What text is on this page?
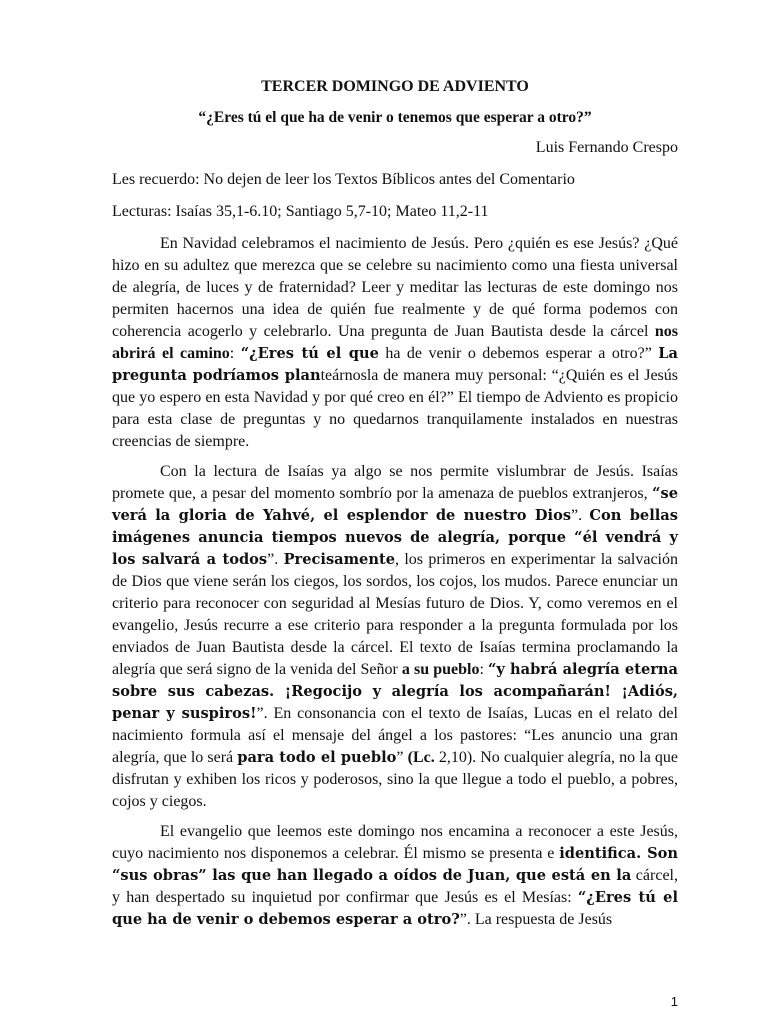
TERCER DOMINGO DE ADVIENTO

“¿Eres tú el que ha de venir o tenemos que esperar a otro?”

Luis Fernando Crespo

Les recuerdo: No dejen de leer los Textos Bíblicos antes del Comentario

Lecturas: Isaías 35,1-6.10; Santiago 5,7-10; Mateo 11,2-11

En Navidad celebramos el nacimiento de Jesús. Pero ¿quién es ese Jesús? ¿Qué hizo en su adultez que merezca que se celebre su nacimiento como una fiesta universal de alegría, de luces y de fraternidad? Leer y meditar las lecturas de este domingo nos permiten hacernos una idea de quién fue realmente y de qué forma podemos con coherencia acogerlo y celebrarlo. Una pregunta de Juan Bautista desde la cárcel nos abrirá el camino: “¿Eres tú el que ha de venir o debemos esperar a otro?” La pregunta podríamos planteárnosla de manera muy personal: “¿Quién es el Jesús que yo espero en esta Navidad y por qué creo en él?” El tiempo de Adviento es propicio para esta clase de preguntas y no quedarnos tranquilamente instalados en nuestras creencias de siempre.

Con la lectura de Isaías ya algo se nos permite vislumbrar de Jesús. Isaías promete que, a pesar del momento sombrío por la amenaza de pueblos extranjeros, “se verá la gloria de Yahvé, el esplendor de nuestro Dios”. Con bellas imágenes anuncia tiempos nuevos de alegría, porque “él vendrá y los salvará a todos”. Precisamente, los primeros en experimentar la salvación de Dios que viene serán los ciegos, los sordos, los cojos, los mudos. Parece enunciar un criterio para reconocer con seguridad al Mesías futuro de Dios. Y, como veremos en el evangelio, Jesús recurre a ese criterio para responder a la pregunta formulada por los enviados de Juan Bautista desde la cárcel. El texto de Isaías termina proclamando la alegría que será signo de la venida del Señor a su pueblo: “y habrá alegría eterna sobre sus cabezas. ¡Regocijo y alegría los acompañarán! ¡Adiós, penar y suspiros!”. En consonancia con el texto de Isaías, Lucas en el relato del nacimiento formula así el mensaje del ángel a los pastores: “Les anuncio una gran alegría, que lo será para todo el pueblo” (Lc. 2,10). No cualquier alegría, no la que disfrutan y exhiben los ricos y poderosos, sino la que llegue a todo el pueblo, a pobres, cojos y ciegos.

El evangelio que leemos este domingo nos encamina a reconocer a este Jesús, cuyo nacimiento nos disponemos a celebrar. Él mismo se presenta e identifica. Son “sus obras” las que han llegado a oídos de Juan, que está en la cárcel, y han despertado su inquietud por confirmar que Jesús es el Mesías: “¿Eres tú el que ha de venir o debemos esperar a otro?”. La respuesta de Jesús

1
